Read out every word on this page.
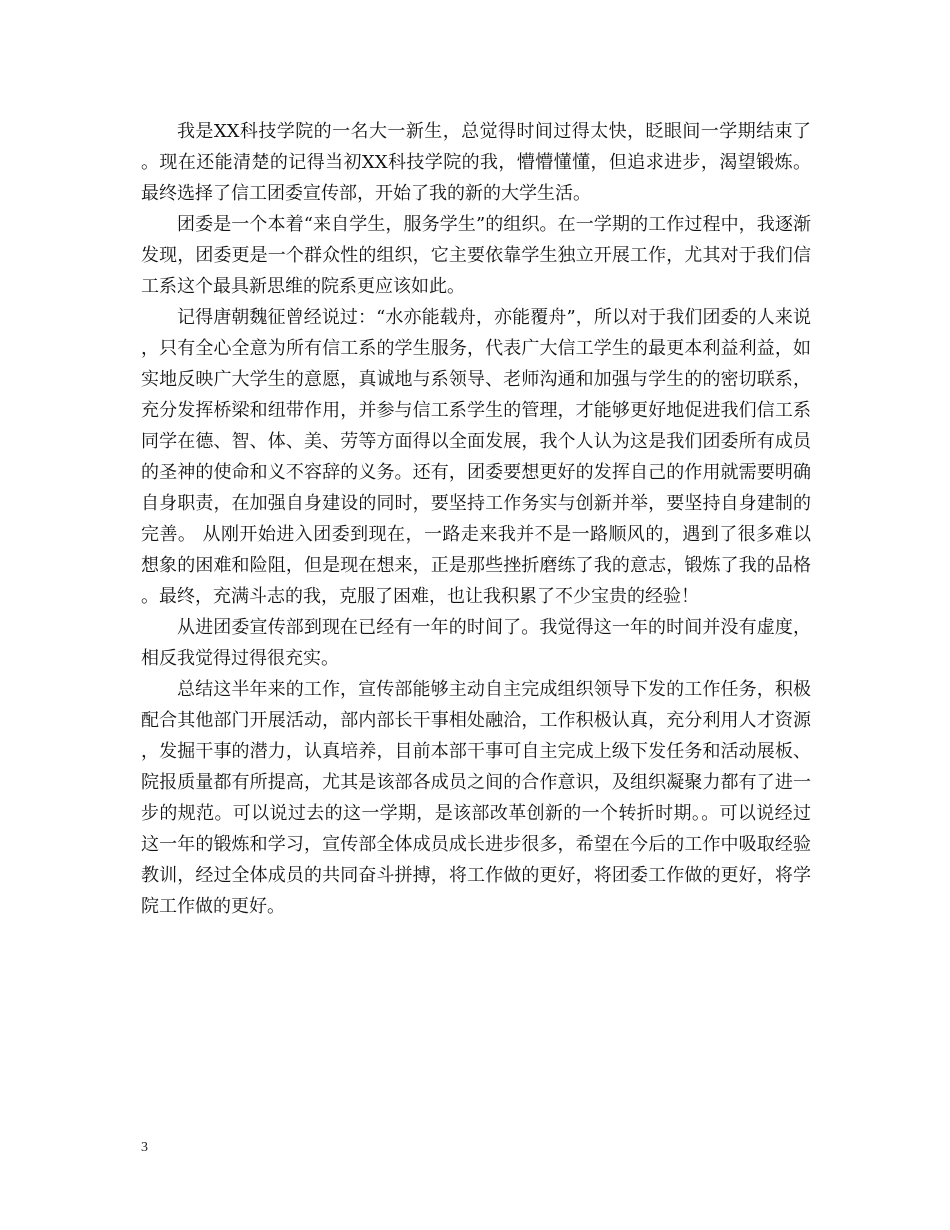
我是XX科技学院的一名大一新生，总觉得时间过得太快，眨眼间一学期结束了。现在还能清楚的记得当初XX科技学院的我，懵懵懂懂，但追求进步，渴望锻炼。最终选择了信工团委宣传部，开始了我的新的大学生活。

团委是一个本着“来自学生，服务学生”的组织。在一学期的工作过程中，我逐渐发现，团委更是一个群众性的组织，它主要依靠学生独立开展工作，尤其对于我们信工系这个最具新思维的院系更应该如此。

记得唐朝魏征曾经说过：“水亦能载舟，亦能覆舟”，所以对于我们团委的人来说，只有全心全意为所有信工系的学生服务，代表广大信工学生的最更本利益利益，如实地反映广大学生的意愿，真诚地与系领导、老师沟通和加强与学生的的密切联系，充分发挥桥梁和纽带作用，并参与信工系学生的管理，才能够更好地促进我们信工系同学在德、智、体、美、劳等方面得以全面发展，我个人认为这是我们团委所有成员的圣神的使命和义不容辞的义务。还有，团委要想更好的发挥自己的作用就需要明确自身职责，在加强自身建设的同时，要坚持工作务实与创新并举，要坚持自身建制的完善。 从刚开始进入团委到现在，一路走来我并不是一路顺风的，遇到了很多难以想象的困难和险阻，但是现在想来，正是那些挫折磨练了我的意志，锻炼了我的品格。最终，充满斗志的我，克服了困难，也让我积累了不少宝贵的经验！

从进团委宣传部到现在已经有一年的时间了。我觉得这一年的时间并没有虚度，相反我觉得过得很充实。

总结这半年来的工作，宣传部能够主动自主完成组织领导下发的工作任务，积极配合其他部门开展活动，部内部长干事相处融洽，工作积极认真，充分利用人才资源，发掘干事的潜力，认真培养，目前本部干事可自主完成上级下发任务和活动展板、院报质量都有所提高，尤其是该部各成员之间的合作意识，及组织凝聚力都有了进一步的规范。可以说过去的这一学期，是该部改革创新的一个转折时期。。可以说经过这一年的锻炼和学习，宣传部全体成员成长进步很多，希望在今后的工作中吸取经验教训，经过全体成员的共同奋斗拼搏，将工作做的更好，将团委工作做的更好，将学院工作做的更好。

3
